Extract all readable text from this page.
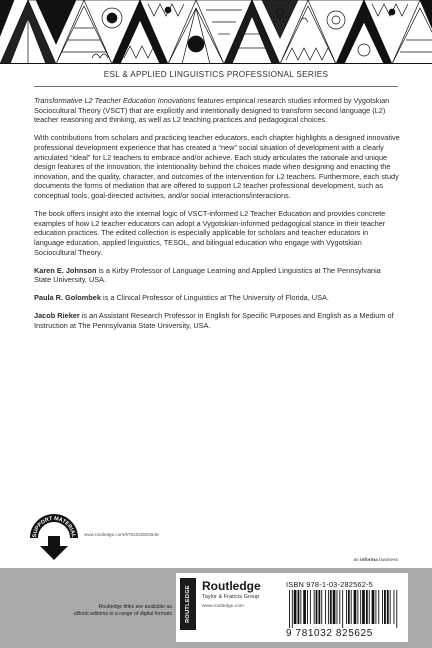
ESL & APPLIED LINGUISTICS PROFESSIONAL SERIES

Transformative L2 Teacher Education Innovations features empirical research studies informed by Vygotskian Sociocultural Theory (VSCT) that are explicitly and intentionally designed to transform second language (L2) teacher reasoning and thinking, as well as L2 teaching practices and pedagogical choices.

With contributions from scholars and practicing teacher educators, each chapter highlights a designed innovative professional development experience that has created a “new” social situation of development with a clearly articulated “ideal” for L2 teachers to embrace and/or achieve. Each study articulates the rationale and unique design features of the innovation, the intentionality behind the choices made when designing and enacting the innovation, and the quality, character, and outcomes of the intervention for L2 teachers. Furthermore, each study documents the forms of mediation that are offered to support L2 teacher professional development, such as conceptual tools, goal-directed activities, and/or social interactions/interactions.

The book offers insight into the internal logic of VSCT-informed L2 Teacher Education and provides concrete examples of how L2 teacher educators can adopt a Vygotskian-informed pedagogical stance in their teacher education practices. The edited collection is especially applicable for scholars and teacher educators in language education, applied linguistics, TESOL, and bilingual education who engage with Vygotskian Sociocultural Theory.

Karen E. Johnson is a Kirby Professor of Language Learning and Applied Linguistics at The Pennsylvania State University, USA.

Paula R. Golombek is a Clinical Professor of Linguistics at The University of Florida, USA.

Jacob Rieker is an Assistant Research Professor in English for Specific Purposes and English as a Medium of Instruction at The Pennsylvania State University, USA.

SUPPORT MATERIAL www.routledge.com/9781032825649
an informa business
Routledge titles are available as
eBook editions in a range of digital formats ROUTLEDGE Routledge
Taylor & Francis Group
www.routledge.com
ISBN 978-1-03-282562-5
9 781032 825625
